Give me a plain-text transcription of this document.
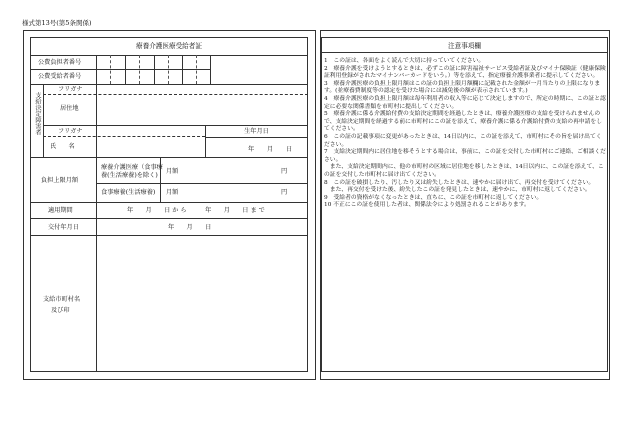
様式第13号(第5条関係)
療養介護医療受給者証
公費負担者番号
公費受給者番号
支給決定障害者
フリガナ
居住地
フリガナ	生年月日
年 月 日
氏　　名
負担上限月額
療養介護医療（食事療
養(生活療養)を除く)
月額	円
食事療養(生活療養) 月額	円
適用期間	年　　月　　日 か ら　　　年　　月　　日 ま で
交付年月日	年　　月　　日
支給市町村名
及び印
注意事項欄
1　この証は、各面をよく読んで大切に持っていてください。
2　療養介護を受けようとするときは、必ずこの証に障害福祉サービス受給者証及びマイナ保険証（健康保険証利用登録がされたマイナンバーカードをいう。）等を添えて、指定療養介護事業者に提示してください。
3　療養介護医療の負担上限月額はこの証の負担上限月額欄に記載された金額が一月当たりの上限になります。(並療養費制度等の認定を受けた場合には減免後の額が表示されています。)
4　療養介護医療の負担上限月額は毎年利用者の収入等に応じて決定しますので、所定の時期に、この証と認定に必要な関係書類を市町村に提出してください。
5　療養介護に係る介護給付費の支給決定期間を経過したときは、療養介護医療の支給を受けられませんので、支給決定期間を経過する前に市町村にこの証を添えて、療養介護に係る介護給付費の支給の再申請をしてください。
6　この証の記載事項に変更があったときは、14日以内に、この証を添えて、市町村にその旨を届け出てください。
7　支給決定期間内に居住地を移そうとする場合は、事前に、この証を交付した市町村にご連絡、ご相談ください。
　また、支給決定期間内に、他の市町村の区域に居住地を移したときは、14日以内に、この証を添えて、この証を交付した市町村に届け出てください。
8　この証を破損したり、汚したり又は紛失したときは、速やかに届け出て、再交付を受けてください。
　また、再交付を受けた後、紛失したこの証を発見したときは、速やかに、市町村に返してください。
9　受給者の資格がなくなったときは、直ちに、この証を市町村に返してください。
10 不正にこの証を使用した者は、関係法令により処罰されることがあります。
